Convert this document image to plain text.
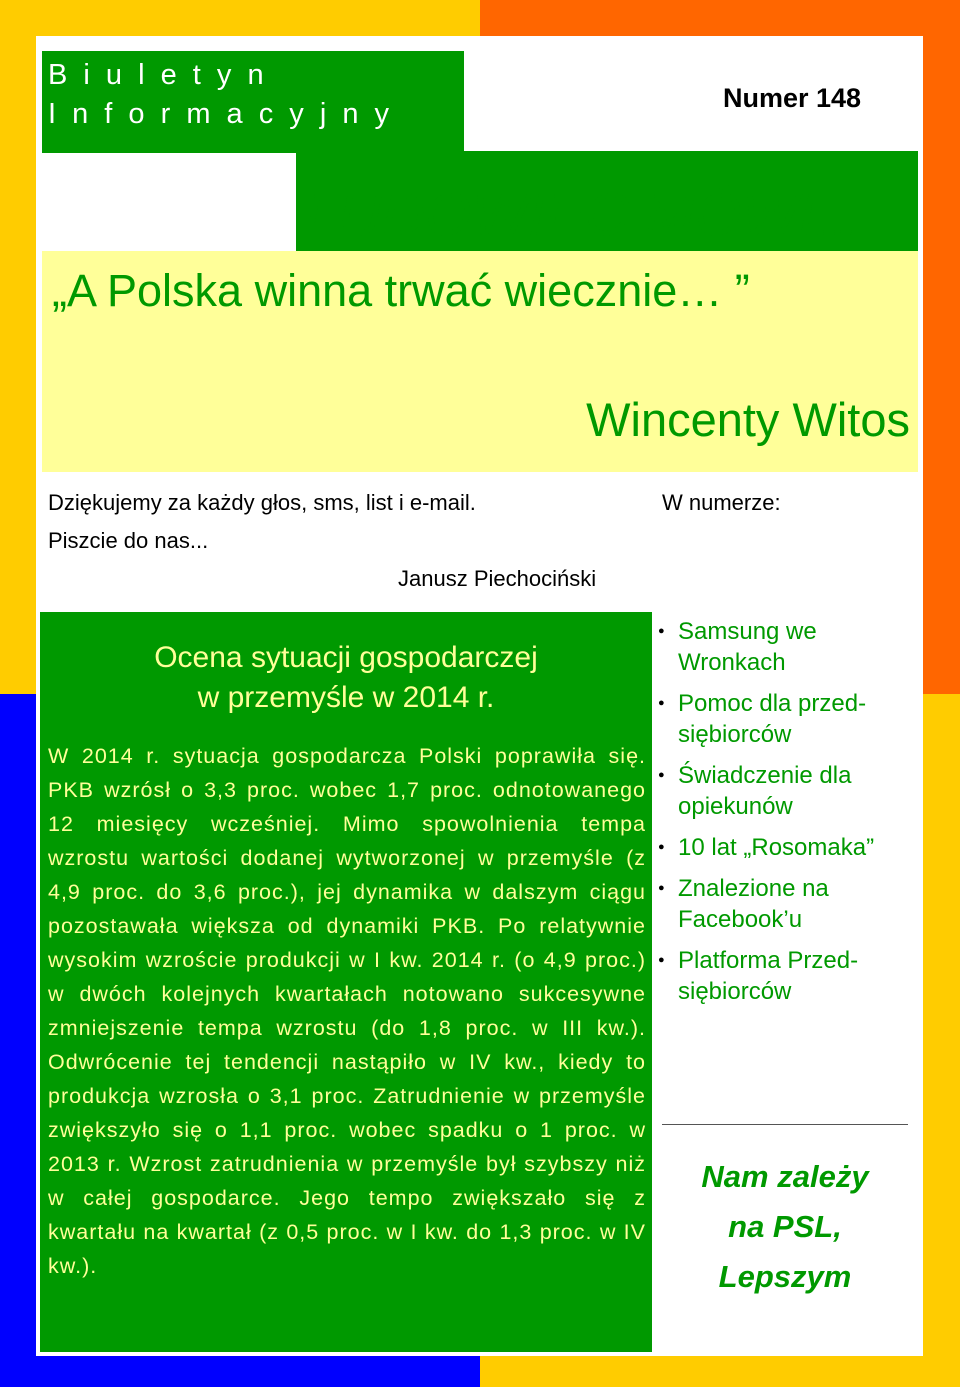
B i u l e t y n
I n f o r m a c y j n y	Numer 148
LUDOWIEC MÓWI...
„A Polska winna trwać wiecznie… ”
Wincenty Witos
Dziękujemy za każdy głos, sms, list i e-mail.
Piszcie do nas...
Janusz Piechociński
W numerze:
Ocena sytuacji gospodarczej
w przemyśle w 2014 r.
W 2014 r. sytuacja gospodarcza Polski poprawiła się. PKB wzrósł o 3,3 proc. wobec 1,7 proc. odnotowanego 12 miesięcy wcześniej. Mimo spowolnienia tempa wzrostu wartości dodanej wytworzonej w przemyśle (z 4,9 proc. do 3,6 proc.), jej dynamika w dalszym ciągu pozostawała większa od dynamiki PKB. Po relatywnie wysokim wzroście produkcji w I kw. 2014 r. (o 4,9 proc.) w dwóch kolejnych kwartałach notowano sukcesywne zmniejszenie tempa wzrostu (do 1,8 proc. w III kw.). Odwrócenie tej tendencji nastąpiło w IV kw., kiedy to produkcja wzrosła o 3,1 proc. Zatrudnienie w przemyśle zwiększyło się o 1,1 proc. wobec spadku o 1 proc. w 2013 r. Wzrost zatrudnienia w przemyśle był szybszy niż w całej gospodarce. Jego tempo zwiększało się z kwartału na kwartał (z 0,5 proc. w I kw. do 1,3 proc. w IV kw.).
● Samsung we Wronkach
● Pomoc dla przed-siębiorców
● Świadczenie dla opiekunów
● 10 lat „Rosomaka”
● Znalezione na Facebook’u
● Platforma Przed-siębiorców
Nam zależy
na PSL,
Lepszym
